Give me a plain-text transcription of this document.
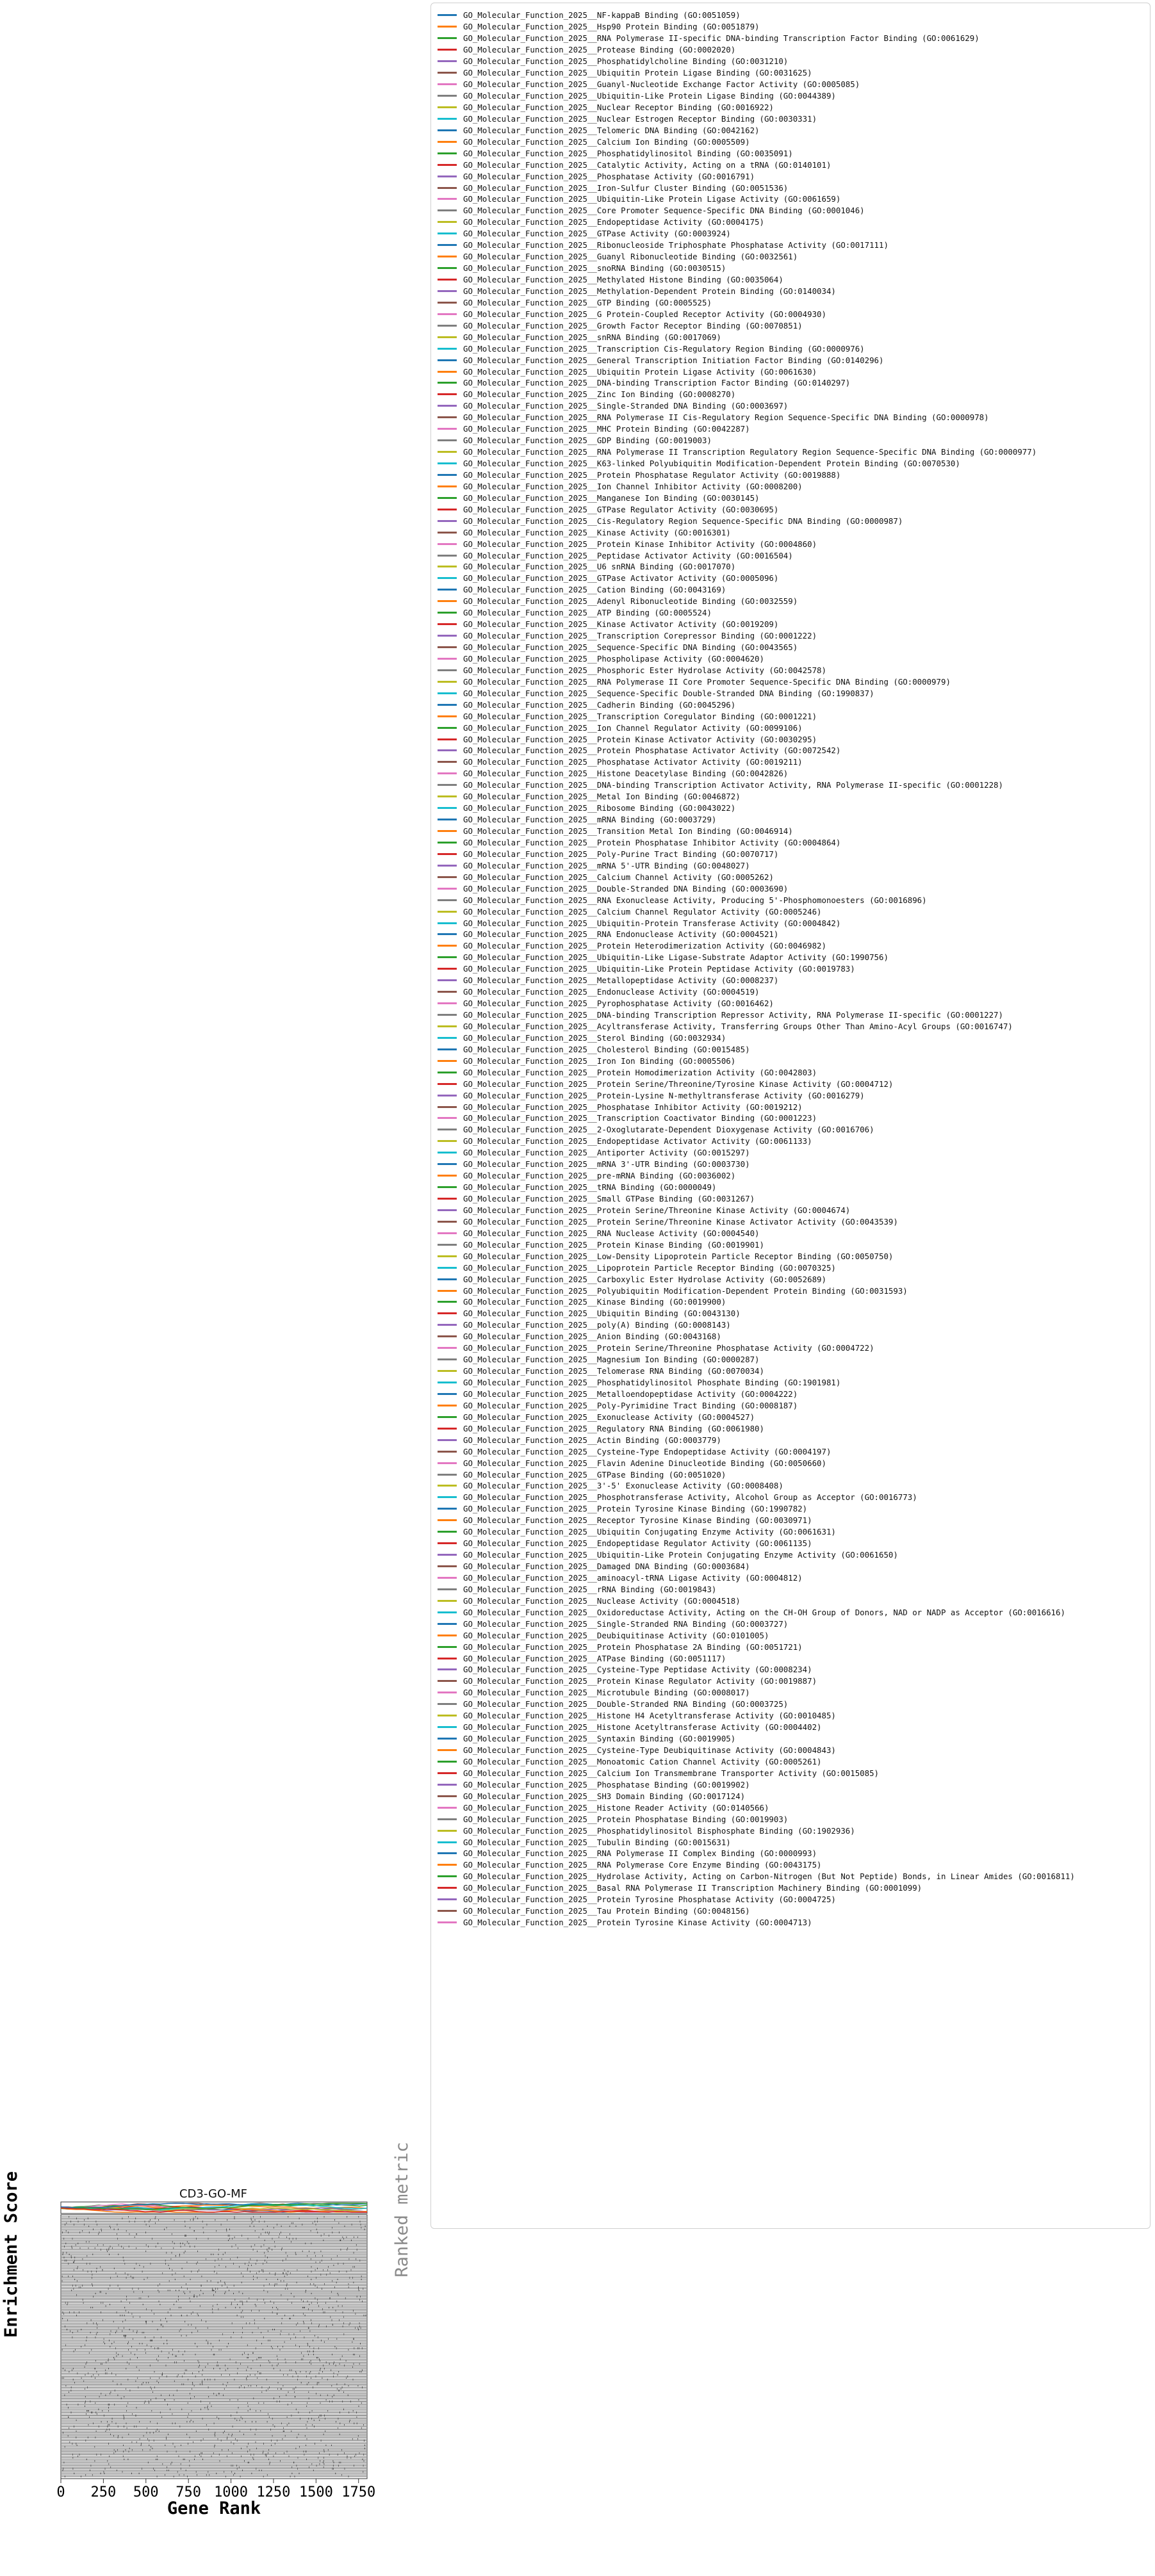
Enrichment Score	Ranked metric
CD3-GO-MF
0 250 500 750 1000 1250 1500 1750
Gene Rank
GO_Molecular_Function_2025__NF-kappaB Binding (GO:0051059)
GO_Molecular_Function_2025__Hsp90 Protein Binding (GO:0051879)
GO_Molecular_Function_2025__RNA Polymerase II-specific DNA-binding Transcription Factor Binding (GO:0061629)
GO_Molecular_Function_2025__Protease Binding (GO:0002020)
GO_Molecular_Function_2025__Phosphatidylcholine Binding (GO:0031210)
GO_Molecular_Function_2025__Ubiquitin Protein Ligase Binding (GO:0031625)
GO_Molecular_Function_2025__Guanyl-Nucleotide Exchange Factor Activity (GO:0005085)
GO_Molecular_Function_2025__Ubiquitin-Like Protein Ligase Binding (GO:0044389)
GO_Molecular_Function_2025__Nuclear Receptor Binding (GO:0016922)
GO_Molecular_Function_2025__Nuclear Estrogen Receptor Binding (GO:0030331)
GO_Molecular_Function_2025__Telomeric DNA Binding (GO:0042162)
GO_Molecular_Function_2025__Calcium Ion Binding (GO:0005509)
GO_Molecular_Function_2025__Phosphatidylinositol Binding (GO:0035091)
GO_Molecular_Function_2025__Catalytic Activity, Acting on a tRNA (GO:0140101)
GO_Molecular_Function_2025__Phosphatase Activity (GO:0016791)
GO_Molecular_Function_2025__Iron-Sulfur Cluster Binding (GO:0051536)
GO_Molecular_Function_2025__Ubiquitin-Like Protein Ligase Activity (GO:0061659)
GO_Molecular_Function_2025__Core Promoter Sequence-Specific DNA Binding (GO:0001046)
GO_Molecular_Function_2025__Endopeptidase Activity (GO:0004175)
GO_Molecular_Function_2025__GTPase Activity (GO:0003924)
GO_Molecular_Function_2025__Ribonucleoside Triphosphate Phosphatase Activity (GO:0017111)
GO_Molecular_Function_2025__Guanyl Ribonucleotide Binding (GO:0032561)
GO_Molecular_Function_2025__snoRNA Binding (GO:0030515)
GO_Molecular_Function_2025__Methylated Histone Binding (GO:0035064)
GO_Molecular_Function_2025__Methylation-Dependent Protein Binding (GO:0140034)
GO_Molecular_Function_2025__GTP Binding (GO:0005525)
GO_Molecular_Function_2025__G Protein-Coupled Receptor Activity (GO:0004930)
GO_Molecular_Function_2025__Growth Factor Receptor Binding (GO:0070851)
GO_Molecular_Function_2025__snRNA Binding (GO:0017069)
GO_Molecular_Function_2025__Transcription Cis-Regulatory Region Binding (GO:0000976)
GO_Molecular_Function_2025__General Transcription Initiation Factor Binding (GO:0140296)
GO_Molecular_Function_2025__Ubiquitin Protein Ligase Activity (GO:0061630)
GO_Molecular_Function_2025__DNA-binding Transcription Factor Binding (GO:0140297)
GO_Molecular_Function_2025__Zinc Ion Binding (GO:0008270)
GO_Molecular_Function_2025__Single-Stranded DNA Binding (GO:0003697)
GO_Molecular_Function_2025__RNA Polymerase II Cis-Regulatory Region Sequence-Specific DNA Binding (GO:0000978)
GO_Molecular_Function_2025__MHC Protein Binding (GO:0042287)
GO_Molecular_Function_2025__GDP Binding (GO:0019003)
GO_Molecular_Function_2025__RNA Polymerase II Transcription Regulatory Region Sequence-Specific DNA Binding (GO:0000977)
GO_Molecular_Function_2025__K63-linked Polyubiquitin Modification-Dependent Protein Binding (GO:0070530)
GO_Molecular_Function_2025__Protein Phosphatase Regulator Activity (GO:0019888)
GO_Molecular_Function_2025__Ion Channel Inhibitor Activity (GO:0008200)
GO_Molecular_Function_2025__Manganese Ion Binding (GO:0030145)
GO_Molecular_Function_2025__GTPase Regulator Activity (GO:0030695)
GO_Molecular_Function_2025__Cis-Regulatory Region Sequence-Specific DNA Binding (GO:0000987)
GO_Molecular_Function_2025__Kinase Activity (GO:0016301)
GO_Molecular_Function_2025__Protein Kinase Inhibitor Activity (GO:0004860)
GO_Molecular_Function_2025__Peptidase Activator Activity (GO:0016504)
GO_Molecular_Function_2025__U6 snRNA Binding (GO:0017070)
GO_Molecular_Function_2025__GTPase Activator Activity (GO:0005096)
GO_Molecular_Function_2025__Cation Binding (GO:0043169)
GO_Molecular_Function_2025__Adenyl Ribonucleotide Binding (GO:0032559)
GO_Molecular_Function_2025__ATP Binding (GO:0005524)
GO_Molecular_Function_2025__Kinase Activator Activity (GO:0019209)
GO_Molecular_Function_2025__Transcription Corepressor Binding (GO:0001222)
GO_Molecular_Function_2025__Sequence-Specific DNA Binding (GO:0043565)
GO_Molecular_Function_2025__Phospholipase Activity (GO:0004620)
GO_Molecular_Function_2025__Phosphoric Ester Hydrolase Activity (GO:0042578)
GO_Molecular_Function_2025__RNA Polymerase II Core Promoter Sequence-Specific DNA Binding (GO:0000979)
GO_Molecular_Function_2025__Sequence-Specific Double-Stranded DNA Binding (GO:1990837)
GO_Molecular_Function_2025__Cadherin Binding (GO:0045296)
GO_Molecular_Function_2025__Transcription Coregulator Binding (GO:0001221)
GO_Molecular_Function_2025__Ion Channel Regulator Activity (GO:0099106)
GO_Molecular_Function_2025__Protein Kinase Activator Activity (GO:0030295)
GO_Molecular_Function_2025__Protein Phosphatase Activator Activity (GO:0072542)
GO_Molecular_Function_2025__Phosphatase Activator Activity (GO:0019211)
GO_Molecular_Function_2025__Histone Deacetylase Binding (GO:0042826)
GO_Molecular_Function_2025__DNA-binding Transcription Activator Activity, RNA Polymerase II-specific (GO:0001228)
GO_Molecular_Function_2025__Metal Ion Binding (GO:0046872)
GO_Molecular_Function_2025__Ribosome Binding (GO:0043022)
GO_Molecular_Function_2025__mRNA Binding (GO:0003729)
GO_Molecular_Function_2025__Transition Metal Ion Binding (GO:0046914)
GO_Molecular_Function_2025__Protein Phosphatase Inhibitor Activity (GO:0004864)
GO_Molecular_Function_2025__Poly-Purine Tract Binding (GO:0070717)
GO_Molecular_Function_2025__mRNA 5'-UTR Binding (GO:0048027)
GO_Molecular_Function_2025__Calcium Channel Activity (GO:0005262)
GO_Molecular_Function_2025__Double-Stranded DNA Binding (GO:0003690)
GO_Molecular_Function_2025__RNA Exonuclease Activity, Producing 5'-Phosphomonoesters (GO:0016896)
GO_Molecular_Function_2025__Calcium Channel Regulator Activity (GO:0005246)
GO_Molecular_Function_2025__Ubiquitin-Protein Transferase Activity (GO:0004842)
GO_Molecular_Function_2025__RNA Endonuclease Activity (GO:0004521)
GO_Molecular_Function_2025__Protein Heterodimerization Activity (GO:0046982)
GO_Molecular_Function_2025__Ubiquitin-Like Ligase-Substrate Adaptor Activity (GO:1990756)
GO_Molecular_Function_2025__Ubiquitin-Like Protein Peptidase Activity (GO:0019783)
GO_Molecular_Function_2025__Metallopeptidase Activity (GO:0008237)
GO_Molecular_Function_2025__Endonuclease Activity (GO:0004519)
GO_Molecular_Function_2025__Pyrophosphatase Activity (GO:0016462)
GO_Molecular_Function_2025__DNA-binding Transcription Repressor Activity, RNA Polymerase II-specific (GO:0001227)
GO_Molecular_Function_2025__Acyltransferase Activity, Transferring Groups Other Than Amino-Acyl Groups (GO:0016747)
GO_Molecular_Function_2025__Sterol Binding (GO:0032934)
GO_Molecular_Function_2025__Cholesterol Binding (GO:0015485)
GO_Molecular_Function_2025__Iron Ion Binding (GO:0005506)
GO_Molecular_Function_2025__Protein Homodimerization Activity (GO:0042803)
GO_Molecular_Function_2025__Protein Serine/Threonine/Tyrosine Kinase Activity (GO:0004712)
GO_Molecular_Function_2025__Protein-Lysine N-methyltransferase Activity (GO:0016279)
GO_Molecular_Function_2025__Phosphatase Inhibitor Activity (GO:0019212)
GO_Molecular_Function_2025__Transcription Coactivator Binding (GO:0001223)
GO_Molecular_Function_2025__2-Oxoglutarate-Dependent Dioxygenase Activity (GO:0016706)
GO_Molecular_Function_2025__Endopeptidase Activator Activity (GO:0061133)
GO_Molecular_Function_2025__Antiporter Activity (GO:0015297)
GO_Molecular_Function_2025__mRNA 3'-UTR Binding (GO:0003730)
GO_Molecular_Function_2025__pre-mRNA Binding (GO:0036002)
GO_Molecular_Function_2025__tRNA Binding (GO:0000049)
GO_Molecular_Function_2025__Small GTPase Binding (GO:0031267)
GO_Molecular_Function_2025__Protein Serine/Threonine Kinase Activity (GO:0004674)
GO_Molecular_Function_2025__Protein Serine/Threonine Kinase Activator Activity (GO:0043539)
GO_Molecular_Function_2025__RNA Nuclease Activity (GO:0004540)
GO_Molecular_Function_2025__Protein Kinase Binding (GO:0019901)
GO_Molecular_Function_2025__Low-Density Lipoprotein Particle Receptor Binding (GO:0050750)
GO_Molecular_Function_2025__Lipoprotein Particle Receptor Binding (GO:0070325)
GO_Molecular_Function_2025__Carboxylic Ester Hydrolase Activity (GO:0052689)
GO_Molecular_Function_2025__Polyubiquitin Modification-Dependent Protein Binding (GO:0031593)
GO_Molecular_Function_2025__Kinase Binding (GO:0019900)
GO_Molecular_Function_2025__Ubiquitin Binding (GO:0043130)
GO_Molecular_Function_2025__poly(A) Binding (GO:0008143)
GO_Molecular_Function_2025__Anion Binding (GO:0043168)
GO_Molecular_Function_2025__Protein Serine/Threonine Phosphatase Activity (GO:0004722)
GO_Molecular_Function_2025__Magnesium Ion Binding (GO:0000287)
GO_Molecular_Function_2025__Telomerase RNA Binding (GO:0070034)
GO_Molecular_Function_2025__Phosphatidylinositol Phosphate Binding (GO:1901981)
GO_Molecular_Function_2025__Metalloendopeptidase Activity (GO:0004222)
GO_Molecular_Function_2025__Poly-Pyrimidine Tract Binding (GO:0008187)
GO_Molecular_Function_2025__Exonuclease Activity (GO:0004527)
GO_Molecular_Function_2025__Regulatory RNA Binding (GO:0061980)
GO_Molecular_Function_2025__Actin Binding (GO:0003779)
GO_Molecular_Function_2025__Cysteine-Type Endopeptidase Activity (GO:0004197)
GO_Molecular_Function_2025__Flavin Adenine Dinucleotide Binding (GO:0050660)
GO_Molecular_Function_2025__GTPase Binding (GO:0051020)
GO_Molecular_Function_2025__3'-5' Exonuclease Activity (GO:0008408)
GO_Molecular_Function_2025__Phosphotransferase Activity, Alcohol Group as Acceptor (GO:0016773)
GO_Molecular_Function_2025__Protein Tyrosine Kinase Binding (GO:1990782)
GO_Molecular_Function_2025__Receptor Tyrosine Kinase Binding (GO:0030971)
GO_Molecular_Function_2025__Ubiquitin Conjugating Enzyme Activity (GO:0061631)
GO_Molecular_Function_2025__Endopeptidase Regulator Activity (GO:0061135)
GO_Molecular_Function_2025__Ubiquitin-Like Protein Conjugating Enzyme Activity (GO:0061650)
GO_Molecular_Function_2025__Damaged DNA Binding (GO:0003684)
GO_Molecular_Function_2025__aminoacyl-tRNA Ligase Activity (GO:0004812)
GO_Molecular_Function_2025__rRNA Binding (GO:0019843)
GO_Molecular_Function_2025__Nuclease Activity (GO:0004518)
GO_Molecular_Function_2025__Oxidoreductase Activity, Acting on the CH-OH Group of Donors, NAD or NADP as Acceptor (GO:0016616)
GO_Molecular_Function_2025__Single-Stranded RNA Binding (GO:0003727)
GO_Molecular_Function_2025__Deubiquitinase Activity (GO:0101005)
GO_Molecular_Function_2025__Protein Phosphatase 2A Binding (GO:0051721)
GO_Molecular_Function_2025__ATPase Binding (GO:0051117)
GO_Molecular_Function_2025__Cysteine-Type Peptidase Activity (GO:0008234)
GO_Molecular_Function_2025__Protein Kinase Regulator Activity (GO:0019887)
GO_Molecular_Function_2025__Microtubule Binding (GO:0008017)
GO_Molecular_Function_2025__Double-Stranded RNA Binding (GO:0003725)
GO_Molecular_Function_2025__Histone H4 Acetyltransferase Activity (GO:0010485)
GO_Molecular_Function_2025__Histone Acetyltransferase Activity (GO:0004402)
GO_Molecular_Function_2025__Syntaxin Binding (GO:0019905)
GO_Molecular_Function_2025__Cysteine-Type Deubiquitinase Activity (GO:0004843)
GO_Molecular_Function_2025__Monoatomic Cation Channel Activity (GO:0005261)
GO_Molecular_Function_2025__Calcium Ion Transmembrane Transporter Activity (GO:0015085)
GO_Molecular_Function_2025__Phosphatase Binding (GO:0019902)
GO_Molecular_Function_2025__SH3 Domain Binding (GO:0017124)
GO_Molecular_Function_2025__Histone Reader Activity (GO:0140566)
GO_Molecular_Function_2025__Protein Phosphatase Binding (GO:0019903)
GO_Molecular_Function_2025__Phosphatidylinositol Bisphosphate Binding (GO:1902936)
GO_Molecular_Function_2025__Tubulin Binding (GO:0015631)
GO_Molecular_Function_2025__RNA Polymerase II Complex Binding (GO:0000993)
GO_Molecular_Function_2025__RNA Polymerase Core Enzyme Binding (GO:0043175)
GO_Molecular_Function_2025__Hydrolase Activity, Acting on Carbon-Nitrogen (But Not Peptide) Bonds, in Linear Amides (GO:0016811)
GO_Molecular_Function_2025__Basal RNA Polymerase II Transcription Machinery Binding (GO:0001099)
GO_Molecular_Function_2025__Protein Tyrosine Phosphatase Activity (GO:0004725)
GO_Molecular_Function_2025__Tau Protein Binding (GO:0048156)
GO_Molecular_Function_2025__Protein Tyrosine Kinase Activity (GO:0004713)
